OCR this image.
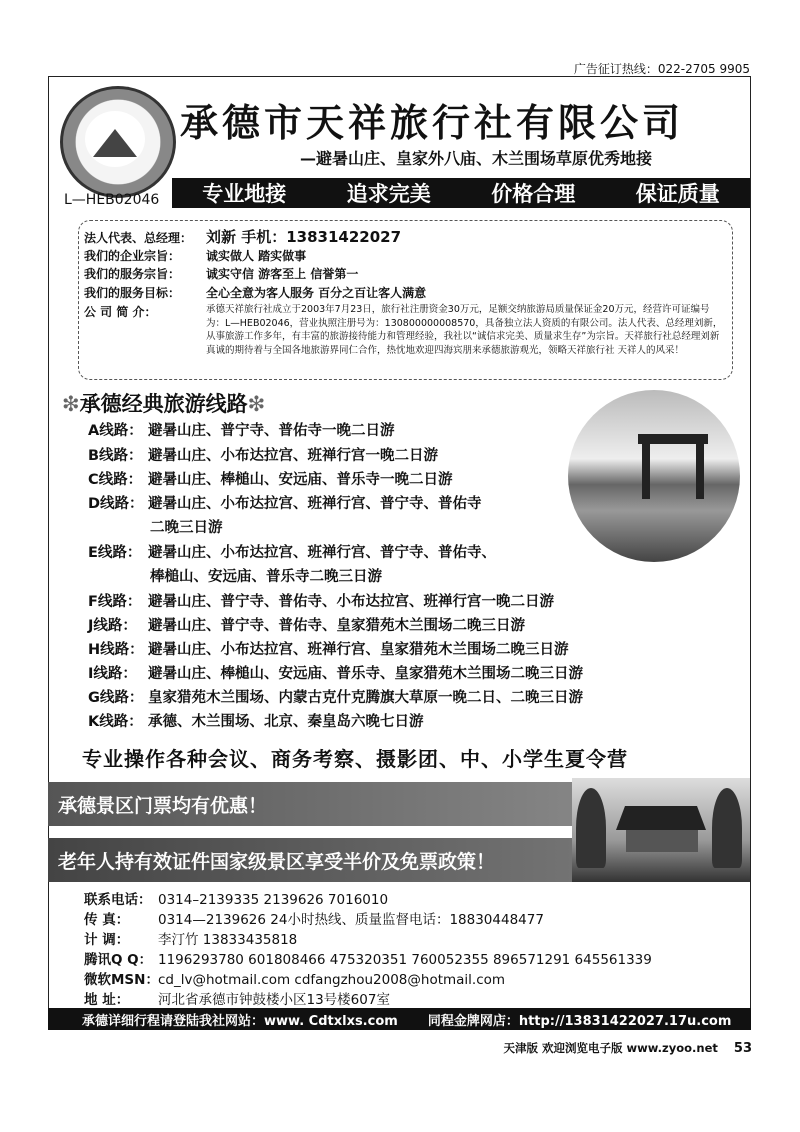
广告征订热线：022-2705 9905
L—HEB02046
承德市天祥旅行社有限公司
—避暑山庄、皇家外八庙、木兰围场草原优秀地接
专业地接	追求完美	价格合理	保证质量
法人代表、总经理： 刘新 手机：13831422027
我们的企业宗旨： 诚实做人 踏实做事
我们的服务宗旨： 诚实守信 游客至上 信誉第一
我们的服务目标： 全心全意为客人服务 百分之百让客人满意
公 司 简 介：	承德天祥旅行社成立于2003年7月23日，旅行社注册资金30万元，足额交纳旅游局质量保证金20万元，经营许可证编号为：L—HEB02046，营业执照注册号为：130800000008570，具备独立法人资质的有限公司。法人代表、总经理刘新，从事旅游工作多年，有丰富的旅游接待能力和管理经验，我社以“诚信求完美、质量求生存”为宗旨。天祥旅行社总经理刘新真诚的期待着与全国各地旅游界同仁合作，热忱地欢迎四海宾朋来承德旅游观光，领略天祥旅行社 天祥人的风采！
❇承德经典旅游线路❇
A线路： 避暑山庄、普宁寺、普佑寺一晚二日游
B线路： 避暑山庄、小布达拉宫、班禅行宫一晚二日游
C线路： 避暑山庄、棒槌山、安远庙、普乐寺一晚二日游
D线路： 避暑山庄、小布达拉宫、班禅行宫、普宁寺、普佑寺
二晚三日游
E线路： 避暑山庄、小布达拉宫、班禅行宫、普宁寺、普佑寺、
棒槌山、安远庙、普乐寺二晚三日游
F线路： 避暑山庄、普宁寺、普佑寺、小布达拉宫、班禅行宫一晚二日游
J线路： 避暑山庄、普宁寺、普佑寺、皇家猎苑木兰围场二晚三日游
H线路： 避暑山庄、小布达拉宫、班禅行宫、皇家猎苑木兰围场二晚三日游
I线路： 避暑山庄、棒槌山、安远庙、普乐寺、皇家猎苑木兰围场二晚三日游
G线路： 皇家猎苑木兰围场、内蒙古克什克腾旗大草原一晚二日、二晚三日游
K线路： 承德、木兰围场、北京、秦皇岛六晚七日游
专业操作各种会议、商务考察、摄影团、中、小学生夏令营
承德景区门票均有优惠！
老年人持有效证件国家级景区享受半价及免票政策！
联系电话： 0314–2139335 2139626 7016010
传 真： 0314—2139626 24小时热线、质量监督电话：18830448477
计 调： 李汀竹 13833435818
腾讯Q Q： 1196293780 601808466 475320351 760052355 896571291 645561339
微软MSN：cd_lv@hotmail.com cdfangzhou2008@hotmail.com
地 址： 河北省承德市钟鼓楼小区13号楼607室
承德详细行程请登陆我社网站：www. Cdtxlxs.com 同程金牌网店：http://13831422027.17u.com
天津版 欢迎浏览电子版 www.zyoo.net 53
